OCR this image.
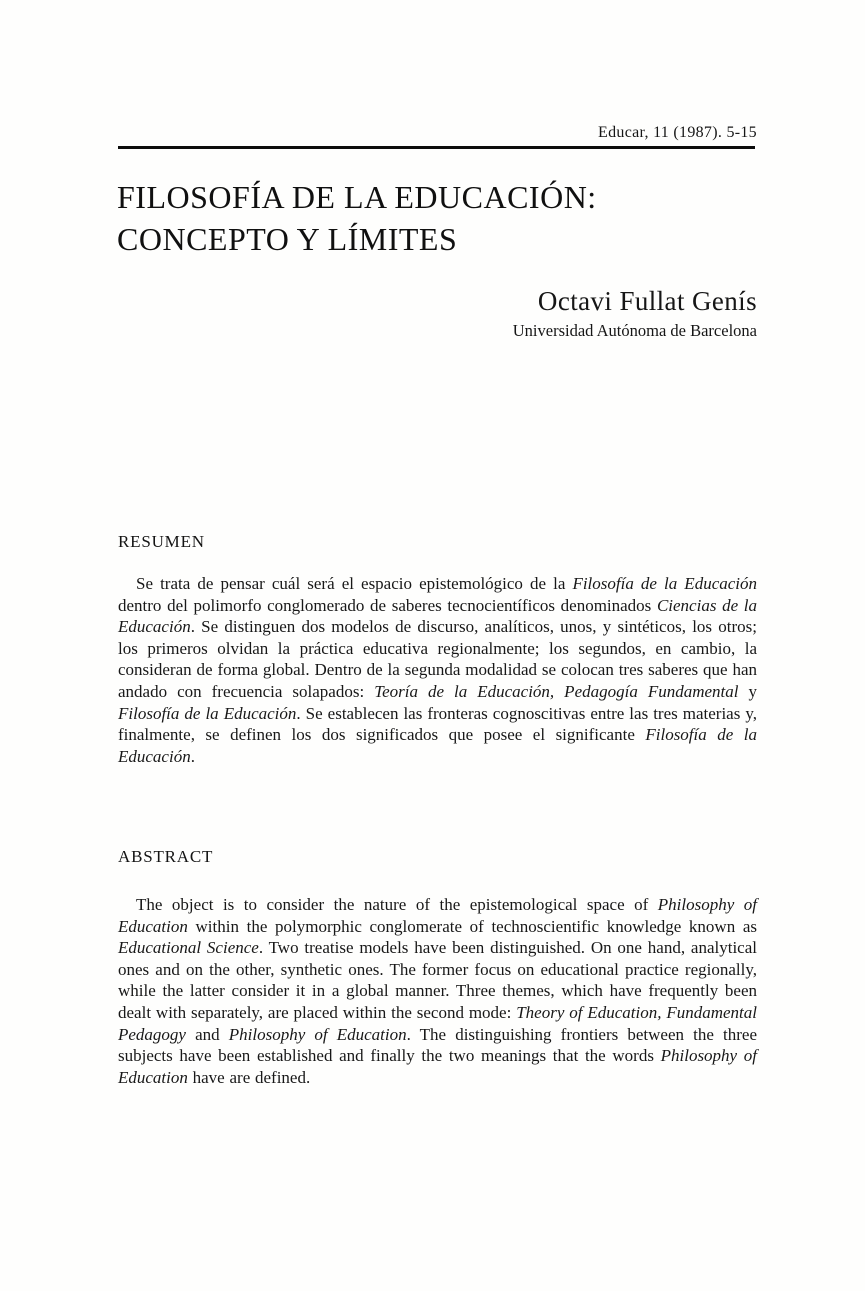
Educar, 11 (1987). 5-15
FILOSOFÍA DE LA EDUCACIÓN:
CONCEPTO Y LÍMITES
Octavi Fullat Genís
Universidad Autónoma de Barcelona
RESUMEN

Se trata de pensar cuál será el espacio epistemológico de la Filosofía de la Educación dentro del polimorfo conglomerado de saberes tecnocientíficos denominados Ciencias de la Educación. Se distinguen dos modelos de discurso, analíticos, unos, y sintéticos, los otros; los primeros olvidan la práctica educativa regionalmente; los segundos, en cambio, la consideran de forma global. Dentro de la segunda modalidad se colocan tres saberes que han andado con frecuencia solapados: Teoría de la Educación, Pedagogía Fundamental y Filosofía de la Educación. Se establecen las fronteras cognoscitivas entre las tres materias y, finalmente, se definen los dos significados que posee el significante Filosofía de la Educación.

ABSTRACT

The object is to consider the nature of the epistemological space of Philosophy of Education within the polymorphic conglomerate of technoscientific knowledge known as Educational Science. Two treatise models have been distinguished. On one hand, analytical ones and on the other, synthetic ones. The former focus on educational practice regionally, while the latter consider it in a global manner. Three themes, which have frequently been dealt with separately, are placed within the second mode: Theory of Education, Fundamental Pedagogy and Philosophy of Education. The distinguishing frontiers between the three subjects have been established and finally the two meanings that the words Philosophy of Education have are defined.
